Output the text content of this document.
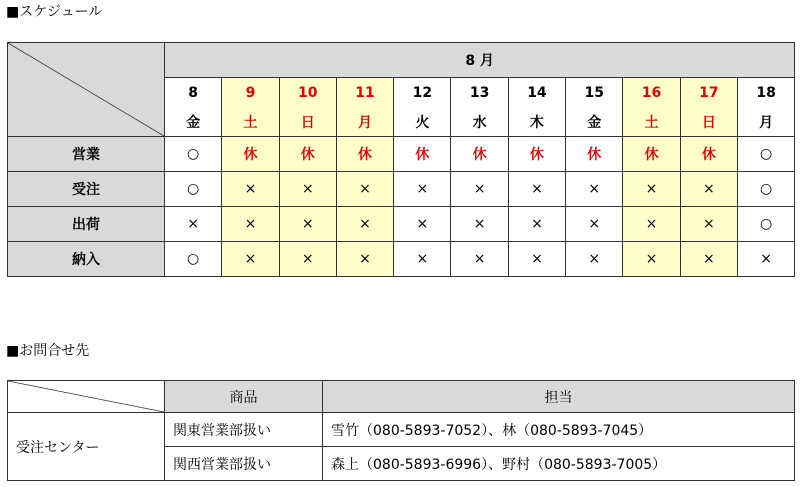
■スケジュール
	8 月										
	8	9	10	11	12	13	14	15	16	17	18
	金	土	日	月	火	水	木	金	土	日	月
営業	○	休	休	休	休	休	休	休	休	休	○
受注	○	×	×	×	×	×	×	×	×	×	○
出荷	×	×	×	×	×	×	×	×	×	×	○
納入	○	×	×	×	×	×	×	×	×	×	×
■お問合せ先
	商品	担当
受注センター	関東営業部扱い	雪竹（080-5893-7052）、林（080-5893-7045）
	関西営業部扱い	森上（080-5893-6996）、野村（080-5893-7005）
